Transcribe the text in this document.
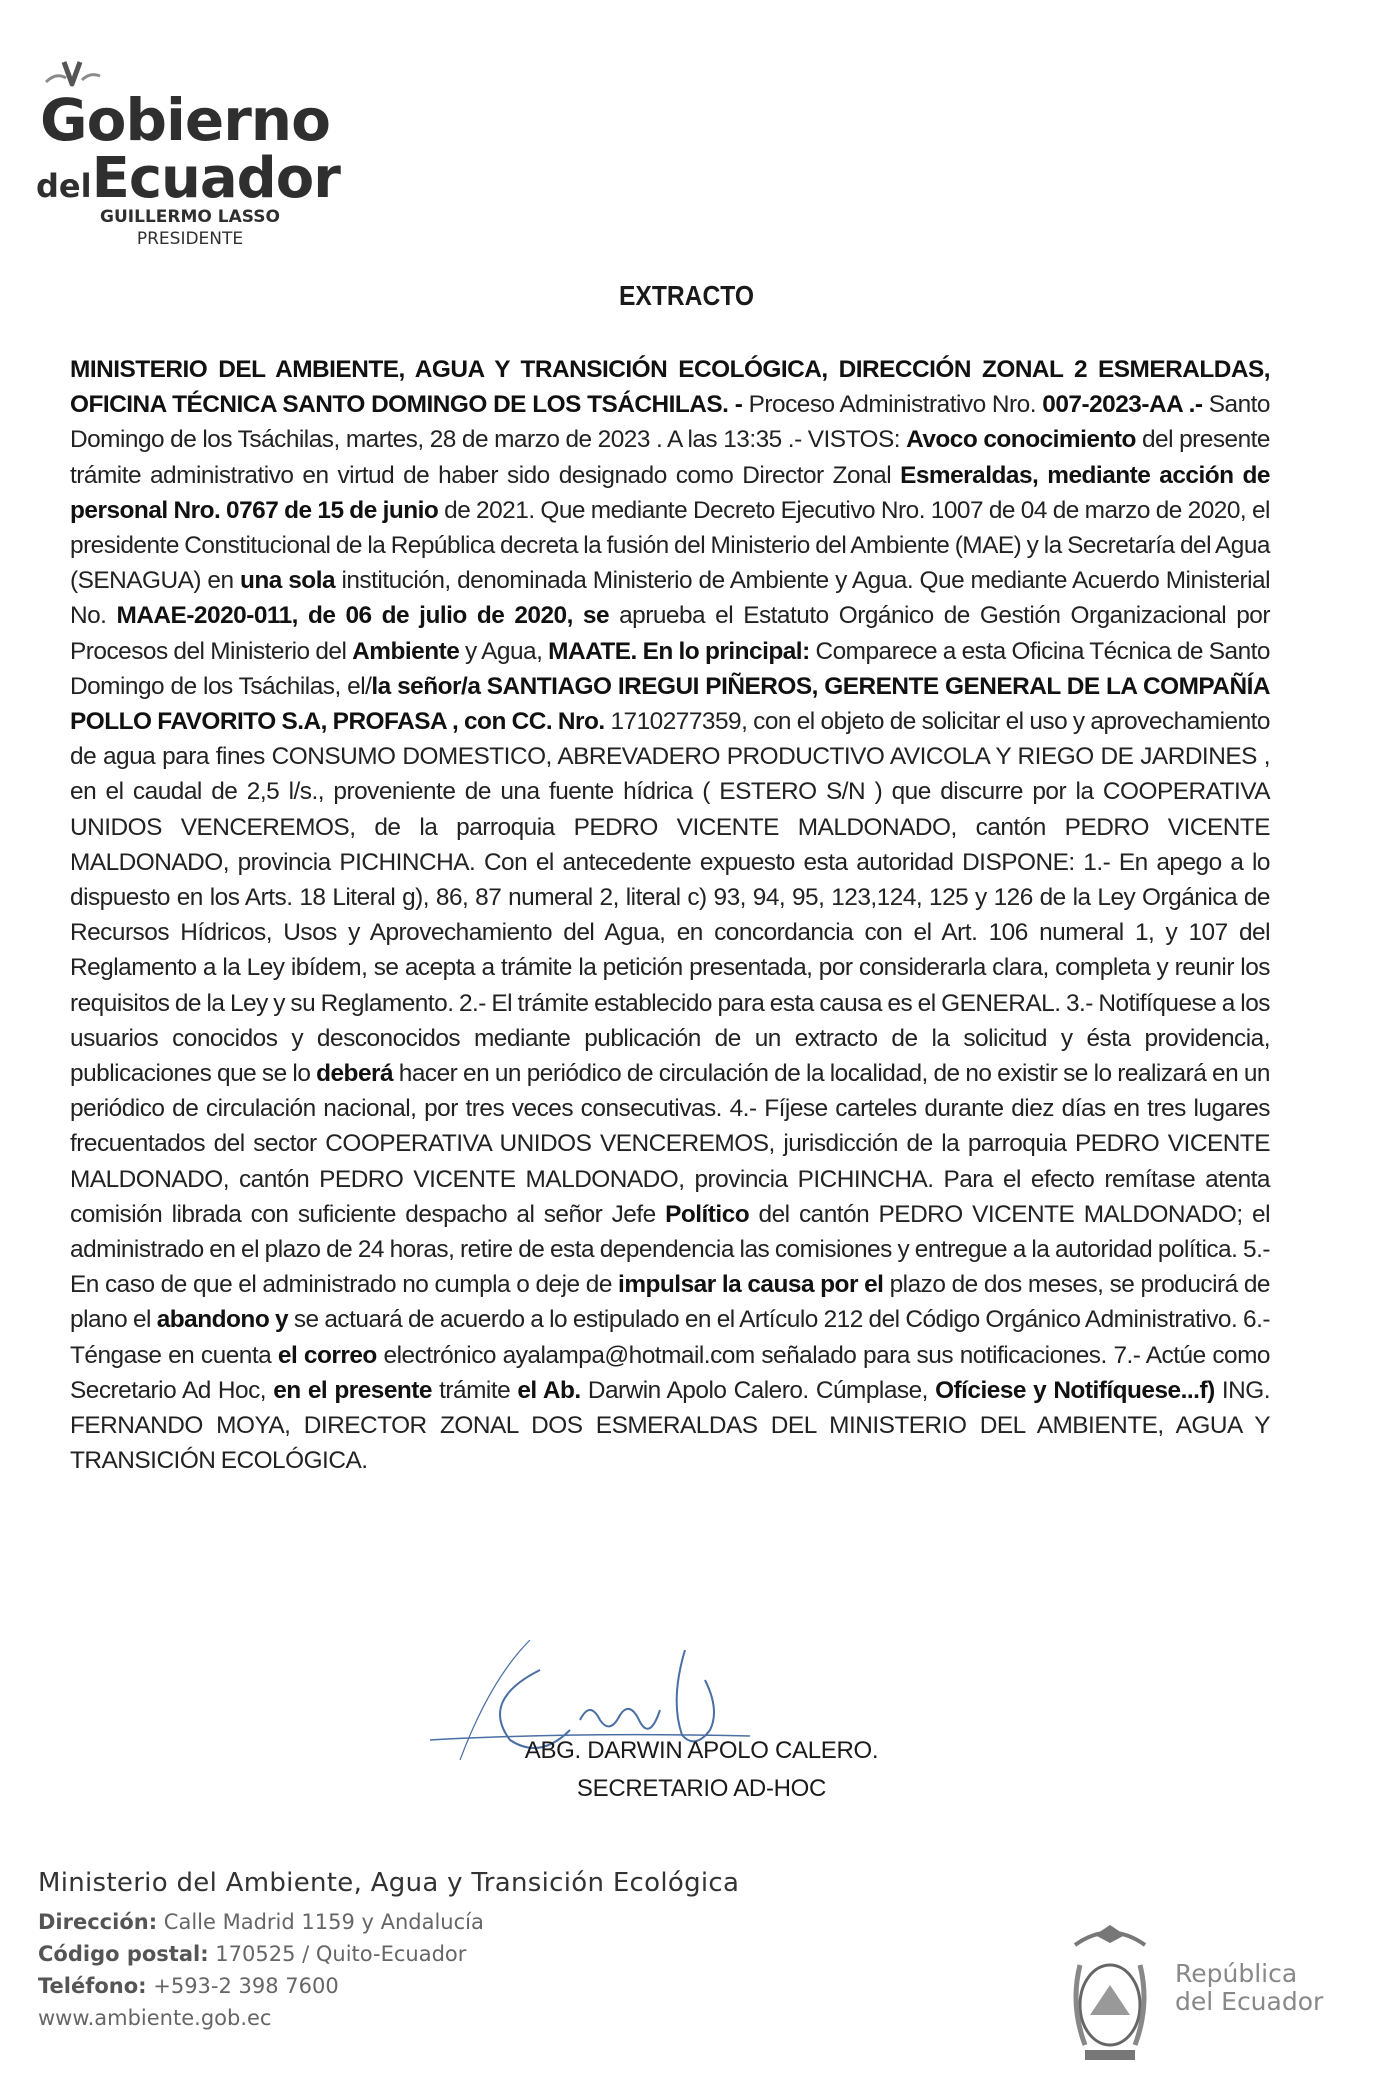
Gobierno
delEcuador
GUILLERMO LASSO
PRESIDENTE
EXTRACTO
MINISTERIO DEL AMBIENTE, AGUA Y TRANSICIÓN ECOLÓGICA, DIRECCIÓN ZONAL 2 ESMERALDAS, OFICINA TÉCNICA SANTO DOMINGO DE LOS TSÁCHILAS. - Proceso Administrativo Nro. 007-2023-AA .- Santo Domingo de los Tsáchilas, martes, 28 de marzo de 2023 . A las 13:35 .- VISTOS: Avoco conocimiento del presente trámite administrativo en virtud de haber sido designado como Director Zonal Esmeraldas, mediante acción de personal Nro. 0767 de 15 de junio de 2021. Que mediante Decreto Ejecutivo Nro. 1007 de 04 de marzo de 2020, el presidente Constitucional de la República decreta la fusión del Ministerio del Ambiente (MAE) y la Secretaría del Agua (SENAGUA) en una sola institución, denominada Ministerio de Ambiente y Agua. Que mediante Acuerdo Ministerial No. MAAE-2020-011, de 06 de julio de 2020, se aprueba el Estatuto Orgánico de Gestión Organizacional por Procesos del Ministerio del Ambiente y Agua, MAATE. En lo principal: Comparece a esta Oficina Técnica de Santo Domingo de los Tsáchilas, el/la señor/a SANTIAGO IREGUI PIÑEROS, GERENTE GENERAL DE LA COMPAÑÍA POLLO FAVORITO S.A, PROFASA , con CC. Nro. 1710277359, con el objeto de solicitar el uso y aprovechamiento de agua para fines CONSUMO DOMESTICO, ABREVADERO PRODUCTIVO AVICOLA Y RIEGO DE JARDINES , en el caudal de 2,5 l/s., proveniente de una fuente hídrica ( ESTERO S/N ) que discurre por la COOPERATIVA UNIDOS VENCEREMOS, de la parroquia PEDRO VICENTE MALDONADO, cantón PEDRO VICENTE MALDONADO, provincia PICHINCHA. Con el antecedente expuesto esta autoridad DISPONE: 1.- En apego a lo dispuesto en los Arts. 18 Literal g), 86, 87 numeral 2, literal c) 93, 94, 95, 123,124, 125 y 126 de la Ley Orgánica de Recursos Hídricos, Usos y Aprovechamiento del Agua, en concordancia con el Art. 106 numeral 1, y 107 del Reglamento a la Ley ibídem, se acepta a trámite la petición presentada, por considerarla clara, completa y reunir los requisitos de la Ley y su Reglamento. 2.- El trámite establecido para esta causa es el GENERAL. 3.- Notifíquese a los usuarios conocidos y desconocidos mediante publicación de un extracto de la solicitud y ésta providencia, publicaciones que se lo deberá hacer en un periódico de circulación de la localidad, de no existir se lo realizará en un periódico de circulación nacional, por tres veces consecutivas. 4.- Fíjese carteles durante diez días en tres lugares frecuentados del sector COOPERATIVA UNIDOS VENCEREMOS, jurisdicción de la parroquia PEDRO VICENTE MALDONADO, cantón PEDRO VICENTE MALDONADO, provincia PICHINCHA. Para el efecto remítase atenta comisión librada con suficiente despacho al señor Jefe Político del cantón PEDRO VICENTE MALDONADO; el administrado en el plazo de 24 horas, retire de esta dependencia las comisiones y entregue a la autoridad política. 5.- En caso de que el administrado no cumpla o deje de impulsar la causa por el plazo de dos meses, se producirá de plano el abandono y se actuará de acuerdo a lo estipulado en el Artículo 212 del Código Orgánico Administrativo. 6.- Téngase en cuenta el correo electrónico ayalampa@hotmail.com señalado para sus notificaciones. 7.- Actúe como Secretario Ad Hoc, en el presente trámite el Ab. Darwin Apolo Calero. Cúmplase, Ofíciese y Notifíquese...f) ING. FERNANDO MOYA, DIRECTOR ZONAL DOS ESMERALDAS DEL MINISTERIO DEL AMBIENTE, AGUA Y TRANSICIÓN ECOLÓGICA.
ABG. DARWIN APOLO CALERO.
SECRETARIO AD-HOC
Ministerio del Ambiente, Agua y Transición Ecológica
Dirección: Calle Madrid 1159 y Andalucía
Código postal: 170525 / Quito-Ecuador
Teléfono: +593-2 398 7600
www.ambiente.gob.ec
República
del Ecuador
